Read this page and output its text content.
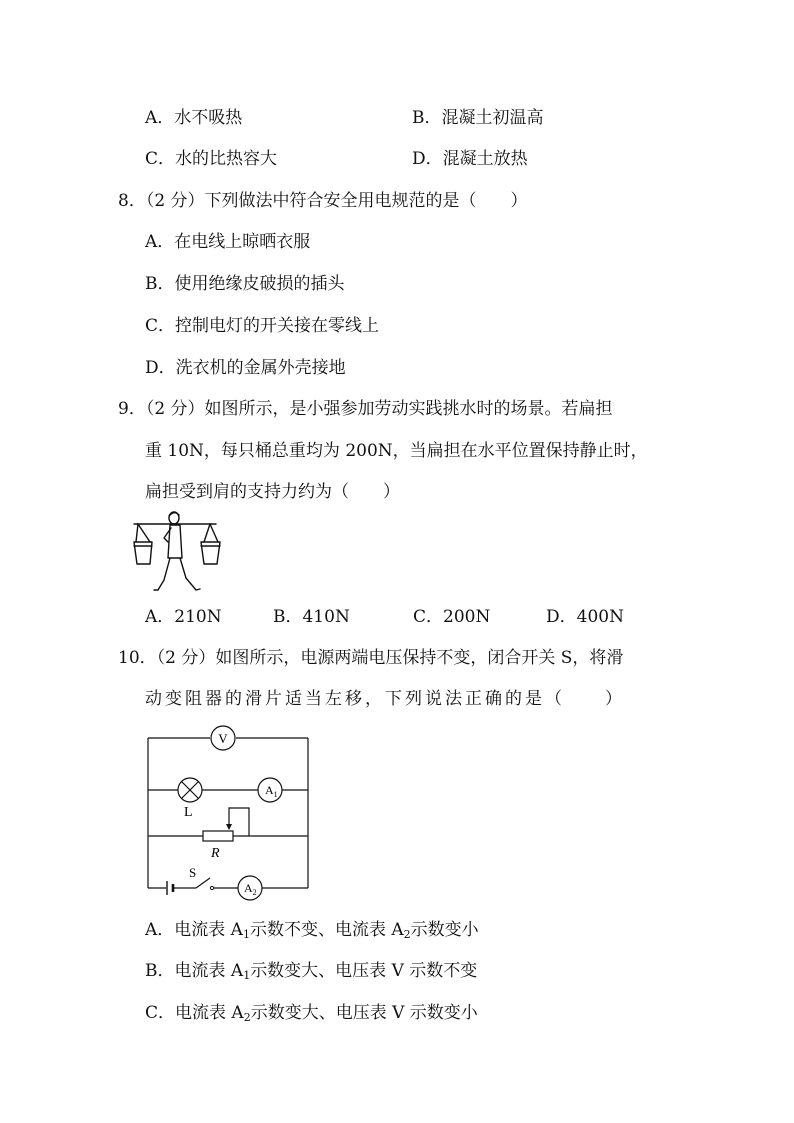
A．水不吸热	B．混凝土初温高
C．水的比热容大	D．混凝土放热
8．（2 分）下列做法中符合安全用电规范的是（　　）
A．在电线上晾晒衣服
B．使用绝缘皮破损的插头
C．控制电灯的开关接在零线上
D．洗衣机的金属外壳接地
9．（2 分）如图所示，是小强参加劳动实践挑水时的场景。若扁担
重 10N，每只桶总重均为 200N，当扁担在水平位置保持静止时，
扁担受到肩的支持力约为（　　）
A．210N	B．410N	C．200N	D．400N
10．（2 分）如图所示，电源两端电压保持不变，闭合开关 S，将滑
动变阻器的滑片适当左移，下列说法正确的是（　　）
V
$A_1$
$A_2$
L
R
S
A．电流表 $A_1$示数不变、电流表 $A_2$示数变小
B．电流表 $A_1$示数变大、电压表 V 示数不变
C．电流表 $A_2$示数变大、电压表 V 示数变小
